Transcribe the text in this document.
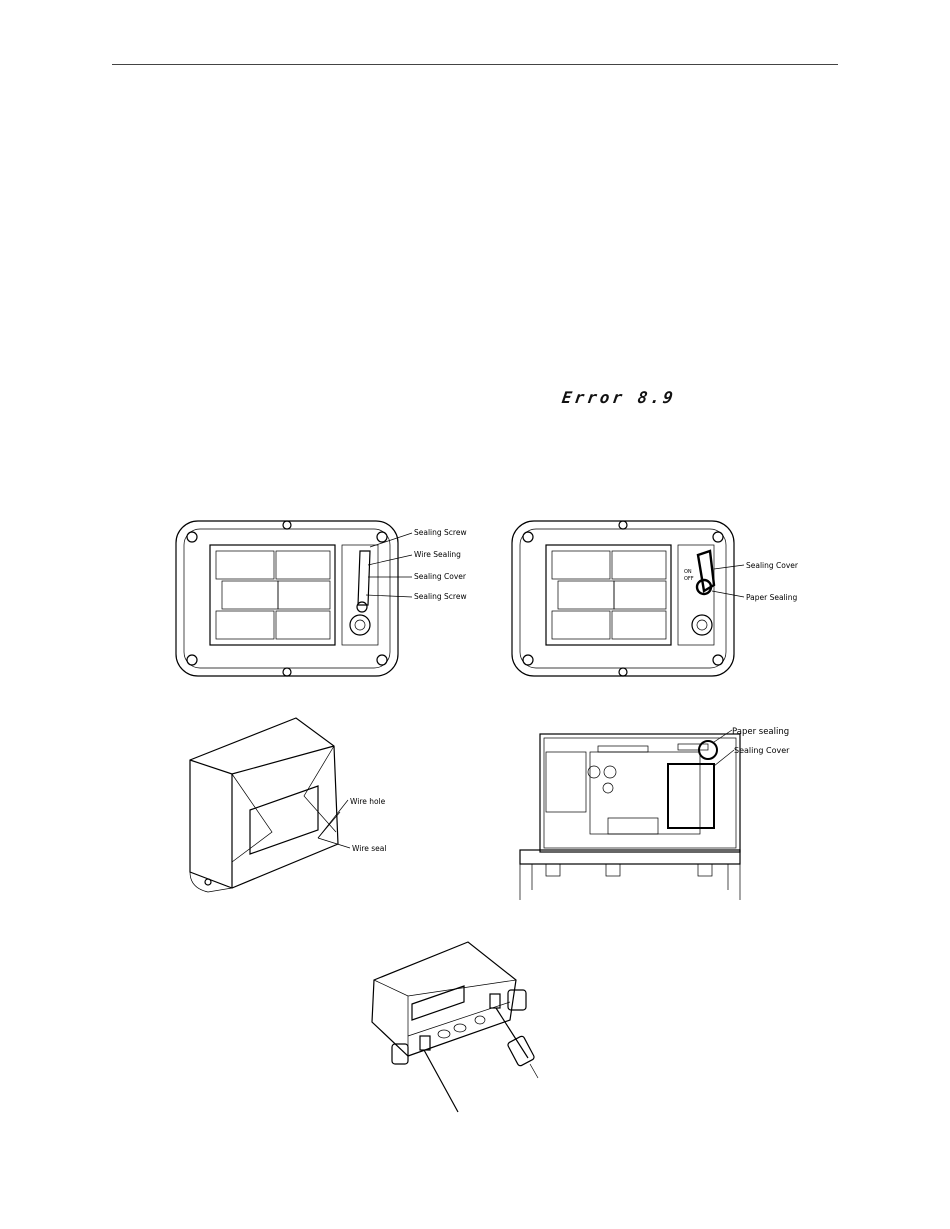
Error 8.9
Sealing Screw
Wire Sealing
Sealing Cover
Sealing Screw
ON
OFF
Sealing Cover
Paper Sealing
Wire hole
Wire seal
Paper sealing
Sealing Cover
